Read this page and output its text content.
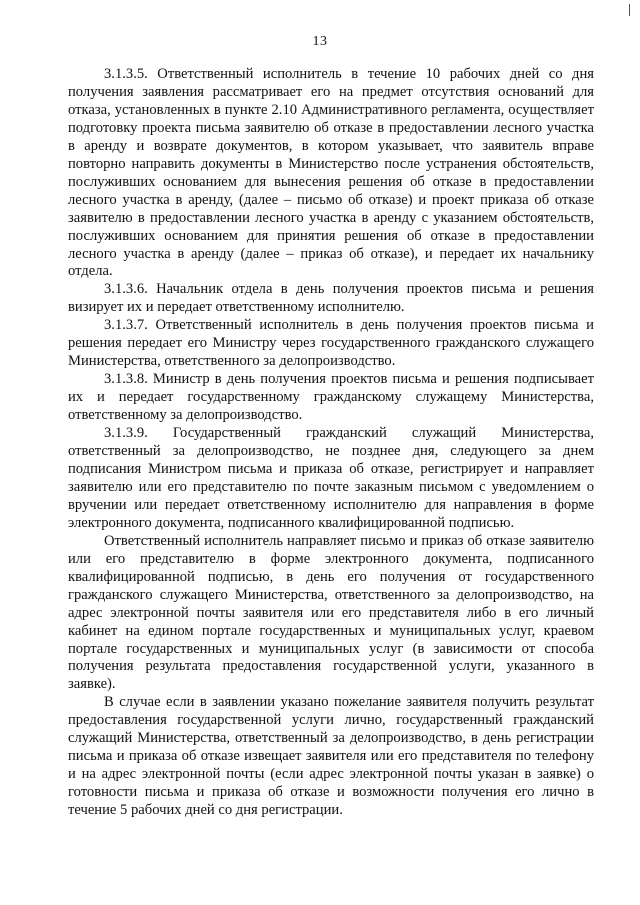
13

3.1.3.5. Ответственный исполнитель в течение 10 рабочих дней со дня получения заявления рассматривает его на предмет отсутствия оснований для отказа, установленных в пункте 2.10 Административного регламента, осуществляет подготовку проекта письма заявителю об отказе в предоставлении лесного участка в аренду и возврате документов, в котором указывает, что заявитель вправе повторно направить документы в Министерство после устранения обстоятельств, послуживших основанием для вынесения решения об отказе в предоставлении лесного участка в аренду, (далее – письмо об отказе) и проект приказа об отказе заявителю в предоставлении лесного участка в аренду с указанием обстоятельств, послуживших основанием для принятия решения об отказе в предоставлении лесного участка в аренду (далее – приказ об отказе), и передает их начальнику отдела.

3.1.3.6. Начальник отдела в день получения проектов письма и решения визирует их и передает ответственному исполнителю.

3.1.3.7. Ответственный исполнитель в день получения проектов письма и решения передает его Министру через государственного гражданского служащего Министерства, ответственного за делопроизводство.

3.1.3.8. Министр в день получения проектов письма и решения подписывает их и передает государственному гражданскому служащему Министерства, ответственному за делопроизводство.

3.1.3.9. Государственный гражданский служащий Министерства, ответственный за делопроизводство, не позднее дня, следующего за днем подписания Министром письма и приказа об отказе, регистрирует и направляет заявителю или его представителю по почте заказным письмом с уведомлением о вручении или передает ответственному исполнителю для направления в форме электронного документа, подписанного квалифицированной подписью.

Ответственный исполнитель направляет письмо и приказ об отказе заявителю или его представителю в форме электронного документа, подписанного квалифицированной подписью, в день его получения от государственного гражданского служащего Министерства, ответственного за делопроизводство, на адрес электронной почты заявителя или его представителя либо в его личный кабинет на едином портале государственных и муниципальных услуг, краевом портале государственных и муниципальных услуг (в зависимости от способа получения результата предоставления государственной услуги, указанного в заявке).

В случае если в заявлении указано пожелание заявителя получить результат предоставления государственной услуги лично, государственный гражданский служащий Министерства, ответственный за делопроизводство, в день регистрации письма и приказа об отказе извещает заявителя или его представителя по телефону и на адрес электронной почты (если адрес электронной почты указан в заявке) о готовности письма и приказа об отказе и возможности получения его лично в течение 5 рабочих дней со дня регистрации.
